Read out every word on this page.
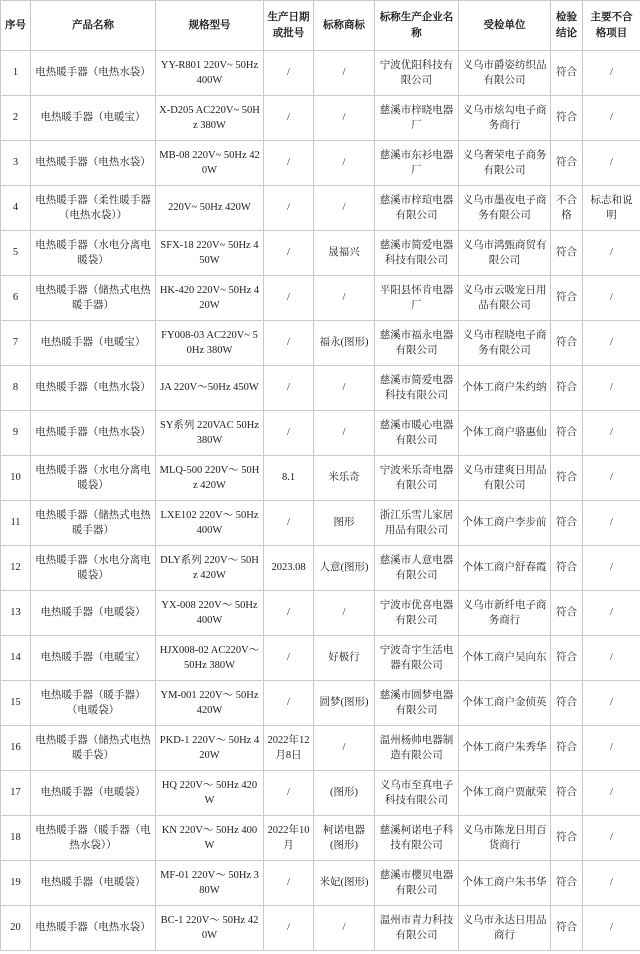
序号	产品名称	规格型号	生产日期或批号	标称商标	标称生产企业名称	受检单位	检验结论	主要不合格项目
1	电热暖手器（电热水袋）	YY-R801 220V~ 50Hz 400W	/	/	宁波优阳科技有限公司	义乌市爵姿纺织品有限公司	符合	/
2	电热暖手器（电暖宝）	X-D205 AC220V~ 50Hz 380W	/	/	慈溪市梓晓电器厂	义乌市炫勾电子商务商行	符合	/
3	电热暖手器（电热水袋）	MB-08 220V~ 50Hz 420W	/	/	慈溪市东衫电器厂	义乌奢荣电子商务有限公司	符合	/
4	电热暖手器（柔性暖手器（电热水袋））	220V~ 50Hz 420W	/	/	慈溪市梓瑄电器有限公司	义乌市墨夜电子商务有限公司	不合格	标志和说明
5	电热暖手器（水电分离电暖袋）	SFX-18 220V~ 50Hz 450W	/	晟福兴	慈溪市简爱电器科技有限公司	义乌市鸿甄商贸有限公司	符合	/
6	电热暖手器（储热式电热暖手器）	HK-420 220V~ 50Hz 420W	/	/	平阳县怀肯电器厂	义乌市云吸宠日用品有限公司	符合	/
7	电热暖手器（电暖宝）	FY008-03 AC220V~ 50Hz 380W	/	福永(图形)	慈溪市福永电器有限公司	义乌市程晓电子商务有限公司	符合	/
8	电热暖手器（电热水袋）	JA 220V～50Hz 450W	/	/	慈溪市简爱电器科技有限公司	个体工商户朱约纳	符合	/
9	电热暖手器（电热水袋）	SY系列 220VAC 50Hz380W	/	/	慈溪市暖心电器有限公司	个体工商户骆惠仙	符合	/
10	电热暖手器（水电分离电暖袋）	MLQ-500 220V～ 50Hz 420W	8.1	米乐奇	宁波米乐奇电器有限公司	义乌市建爽日用品有限公司	符合	/
11	电热暖手器（储热式电热暖手器）	LXE102 220V～ 50Hz 400W	/	图形	浙江乐雪儿家居用品有限公司	个体工商户李步前	符合	/
12	电热暖手器（水电分离电暖袋）	DLY系列 220V～ 50Hz 420W	2023.08	人意(图形)	慈溪市人意电器有限公司	个体工商户舒春霞	符合	/
13	电热暖手器（电暖袋）	YX-008 220V～ 50Hz 400W	/	/	宁波市优喜电器有限公司	义乌市新纤电子商务商行	符合	/
14	电热暖手器（电暖宝）	HJX008-02 AC220V～ 50Hz 380W	/	好极行	宁波奇宇生活电器有限公司	个体工商户吴向东	符合	/
15	电热暖手器（暖手器）（电暖袋）	YM-001 220V～ 50Hz 420W	/	圆梦(图形)	慈溪市圆梦电器有限公司	个体工商户金侦英	符合	/
16	电热暖手器（储热式电热暖手袋）	PKD-1 220V～ 50Hz 420W	2022年12月8日	/	温州杨帅电器制造有限公司	个体工商户朱秀华	符合	/
17	电热暖手器（电暖袋）	HQ 220V～ 50Hz 420W	/	(图形)	义乌市至真电子科技有限公司	个体工商户贾献荣	符合	/
18	电热暖手器（暖手器（电热水袋））	KN 220V～ 50Hz 400W	2022年10月	柯诺电器(图形)	慈溪柯诺电子科技有限公司	义乌市陈龙日用百货商行	符合	/
19	电热暖手器（电暖袋）	MF-01 220V～ 50Hz 380W	/	米妃(图形)	慈溪市樱贝电器有限公司	个体工商户朱书华	符合	/
20	电热暖手器（电热水袋）	BC-1 220V～ 50Hz 420W	/	/	温州市青力科技有限公司	义乌市永达日用品商行	符合	/
